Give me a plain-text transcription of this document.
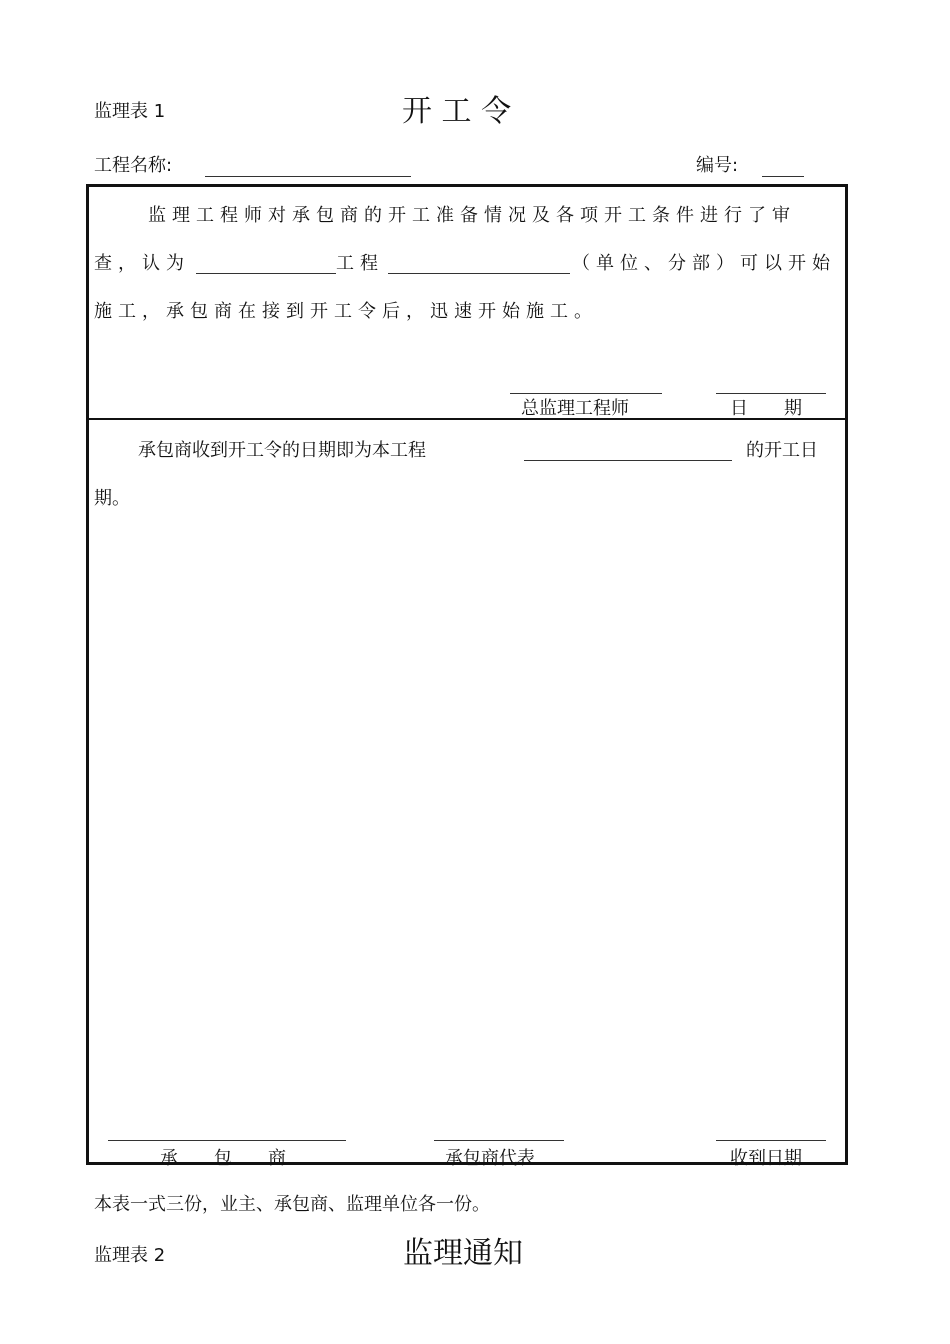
监理表 1	开 工 令
工程名称:	编号:
监理工程师对承包商的开工准备情况及各项开工条件进行了审
查，认为	工程	（单位、分部）可以开始
施工，承包商在接到开工令后，迅速开始施工。
总监理工程师	日　　期
承包商收到开工令的日期即为本工程	的开工日
期。
承　　包　　商	承包商代表	收到日期
本表一式三份，业主、承包商、监理单位各一份。
监理表 2	监理通知
